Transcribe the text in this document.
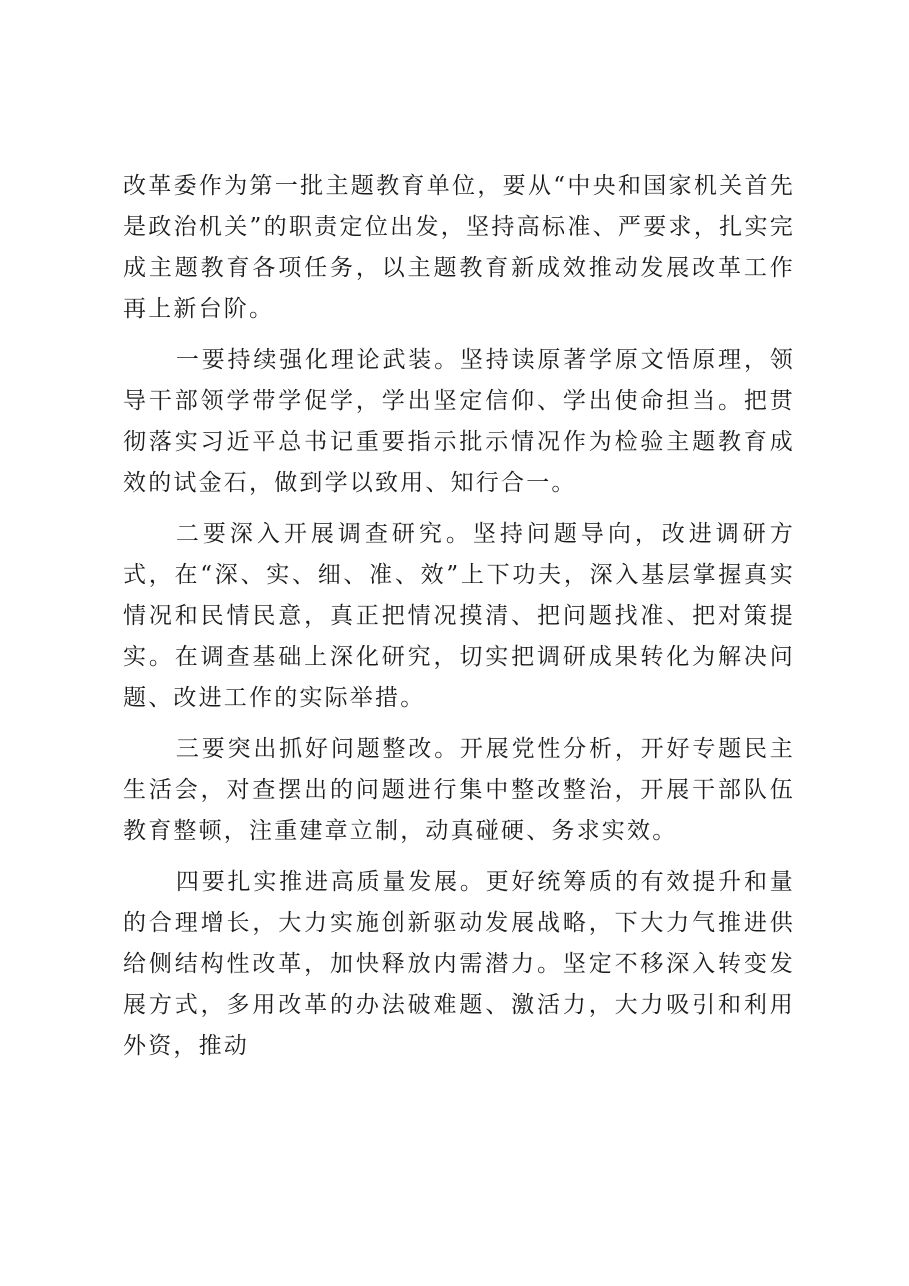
改革委作为第一批主题教育单位，要从“中央和国家机关首先是政治机关”的职责定位出发，坚持高标准、严要求，扎实完成主题教育各项任务，以主题教育新成效推动发展改革工作再上新台阶。

一要持续强化理论武装。坚持读原著学原文悟原理，领导干部领学带学促学，学出坚定信仰、学出使命担当。把贯彻落实习近平总书记重要指示批示情况作为检验主题教育成效的试金石，做到学以致用、知行合一。

二要深入开展调查研究。坚持问题导向，改进调研方式，在“深、实、细、准、效”上下功夫，深入基层掌握真实情况和民情民意，真正把情况摸清、把问题找准、把对策提实。在调查基础上深化研究，切实把调研成果转化为解决问题、改进工作的实际举措。

三要突出抓好问题整改。开展党性分析，开好专题民主生活会，对查摆出的问题进行集中整改整治，开展干部队伍教育整顿，注重建章立制，动真碰硬、务求实效。

四要扎实推进高质量发展。更好统筹质的有效提升和量的合理增长，大力实施创新驱动发展战略，下大力气推进供给侧结构性改革，加快释放内需潜力。坚定不移深入转变发展方式，多用改革的办法破难题、激活力，大力吸引和利用外资，推动
